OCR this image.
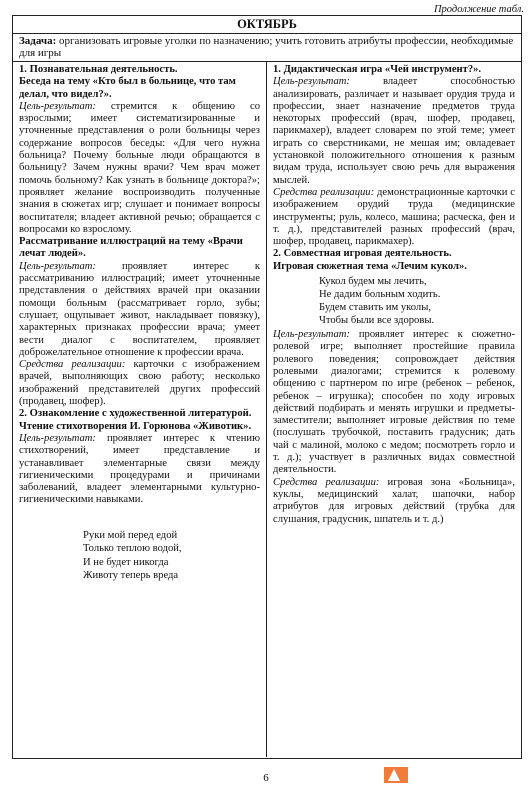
Продолжение табл.
ОКТЯБРЬ
Задача: организовать игровые уголки по назначению; учить готовить атрибуты профессии, необходимые для игры

1. Познавательная деятельность.

Беседа на тему «Кто был в больнице, что там делал, что видел?».

Цель-результат: стремится к общению со взрослыми; имеет систематизированные и уточненные представления о роли больницы через содержание вопросов беседы: «Для чего нужна больница? Почему больные люди обращаются в больницу? Зачем нужны врачи? Чем врач может помочь больному? Как узнать в больнице доктора?»; проявляет желание воспроизводить полученные знания в сюжетах игр; слушает и понимает вопросы воспитателя; владеет активной речью; обращается с вопросами ко взрослому.

Рассматривание иллюстраций на тему «Врачи лечат людей».

Цель-результат: проявляет интерес к рассматриванию иллюстраций; имеет уточненные представления о действиях врачей при оказании помощи больным (рассматривает горло, зубы; слушает, ощупывает живот, накладывает повязку), характерных признаках профессии врача; умеет вести диалог с воспитателем, проявляет доброжелательное отношение к профессии врача.

Средства реализации: карточки с изображением врачей, выполняющих свою работу; несколько изображений представителей других профессий (продавец, шофер).

2. Ознакомление с художественной литературой.

Чтение стихотворения И. Горюнова «Животик».

Цель-результат: проявляет интерес к чтению стихотворений, имеет представление и устанавливает элементарные связи между гигиеническими процедурами и причинами заболеваний, владеет элементарными культурно-гигиеническими навыками.

Руки мой перед едой
Только теплою водой,
И не будет никогда
Животу теперь вреда

1. Дидактическая игра «Чей инструмент?».

Цель-результат: владеет способностью анализировать, различает и называет орудия труда и профессии, знает назначение предметов труда некоторых профессий (врач, шофер, продавец, парикмахер), владеет словарем по этой теме; умеет играть со сверстниками, не мешая им; овладевает установкой положительного отношения к разным видам труда, использует свою речь для выражения мыслей.

Средства реализации: демонстрационные карточки с изображением орудий труда (медицинские инструменты; руль, колесо, машина; расческа, фен и т. д.), представителей разных профессий (врач, шофер, продавец, парикмахер).

2. Совместная игровая деятельность.

Игровая сюжетная тема «Лечим кукол».

Кукол будем мы лечить,
Не дадим больным ходить.
Будем ставить им уколы,
Чтобы были все здоровы.

Цель-результат: проявляет интерес к сюжетно-ролевой игре; выполняет простейшие правила ролевого поведения; сопровождает действия ролевыми диалогами; стремится к ролевому общению с партнером по игре (ребенок – ребенок, ребенок – игрушка); способен по ходу игровых действий подбирать и менять игрушки и предметы-заместители; выполняет игровые действия по теме (послушать трубочкой, поставить градусник; дать чай с малиной, молоко с медом; посмотреть горло и т. д.); участвует в различных видах совместной деятельности.

Средства реализации: игровая зона «Больница», куклы, медицинский халат, шапочки, набор атрибутов для игровых действий (трубка для слушания, градусник, шпатель и т. д.)

6
